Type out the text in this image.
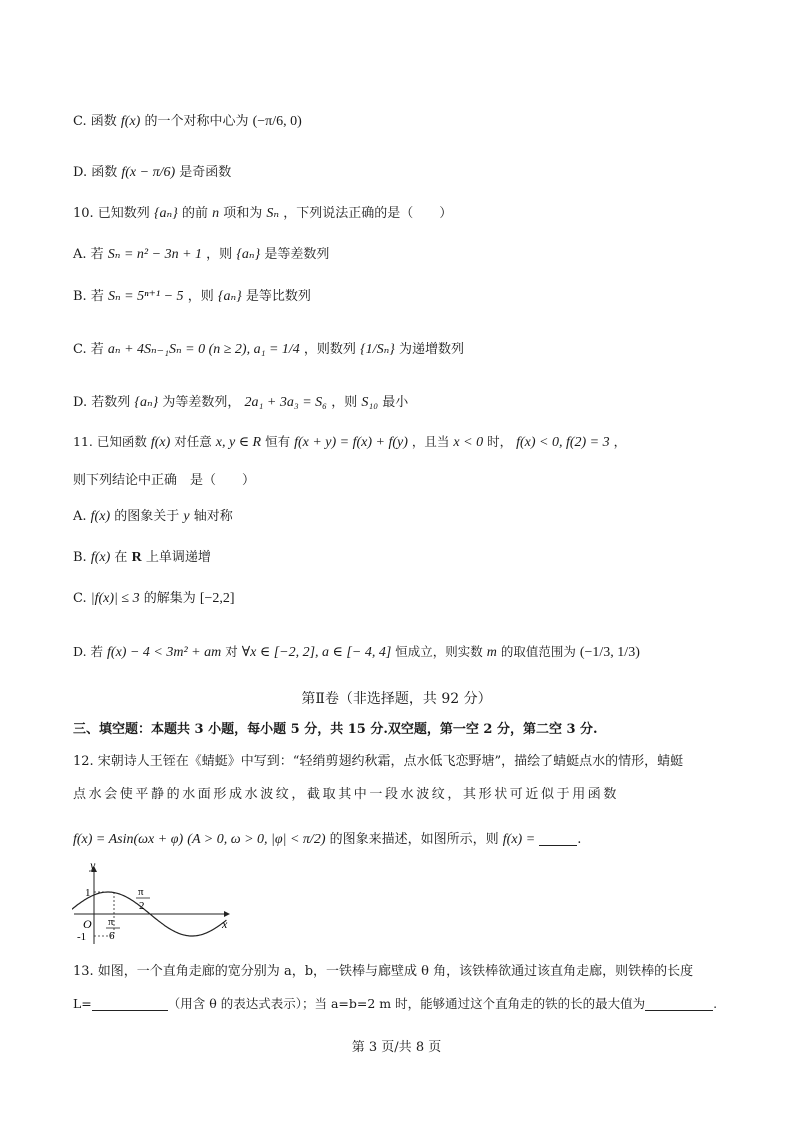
C. 函数 f(x) 的一个对称中心为 (−π/6, 0)
D. 函数 f(x − π/6) 是奇函数
10. 已知数列 {aₙ} 的前 n 项和为 Sₙ ，下列说法正确的是（　　）
A. 若 Sₙ = n² − 3n + 1 ，则 {aₙ} 是等差数列
B. 若 Sₙ = 5ⁿ⁺¹ − 5 ，则 {aₙ} 是等比数列
C. 若 aₙ + 4Sₙ₋₁Sₙ = 0 (n ≥ 2), a₁ = 1/4 ，则数列 {1/Sₙ} 为递增数列
D. 若数列 {aₙ} 为等差数列， 2a₁ + 3a₃ = S₆ ，则 S₁₀ 最小
11. 已知函数 f(x) 对任意 x, y ∈ R 恒有 f(x + y) = f(x) + f(y) ，且当 x < 0 时， f(x) < 0, f(2) = 3 ，
则下列结论中正确　是（　　）
A. f(x) 的图象关于 y 轴对称
B. f(x) 在 R 上单调递增
C. |f(x)| ≤ 3 的解集为 [−2,2]
D. 若 f(x) − 4 < 3m² + am 对 ∀x ∈ [−2, 2], a ∈ [− 4, 4] 恒成立，则实数 m 的取值范围为 (−1/3, 1/3)
第Ⅱ卷（非选择题，共 92 分）
三、填空题：本题共 3 小题，每小题 5 分，共 15 分.双空题，第一空 2 分，第二空 3 分.
12. 宋朝诗人王铚在《蜻蜓》中写到：“轻绡剪翅约秋霜，点水低飞恋野塘”，描绘了蜻蜓点水的情形，蜻蜓
点水会使平静的水面形成水波纹，截取其中一段水波纹，其形状可近似于用函数
f(x) = Asin(ωx + φ) (A > 0, ω > 0, |φ| < π/2) 的图象来描述，如图所示，则 f(x) =	.
y
x
O
1
-1
π
6
π
2
13. 如图，一个直角走廊的宽分别为 a，b，一铁棒与廊壁成 θ 角，该铁棒欲通过该直角走廊，则铁棒的长度
L=	（用含 θ 的表达式表示）；当 a=b=2 m 时，能够通过这个直角走的铁的长的最大值为	.
第 3 页/共 8 页
